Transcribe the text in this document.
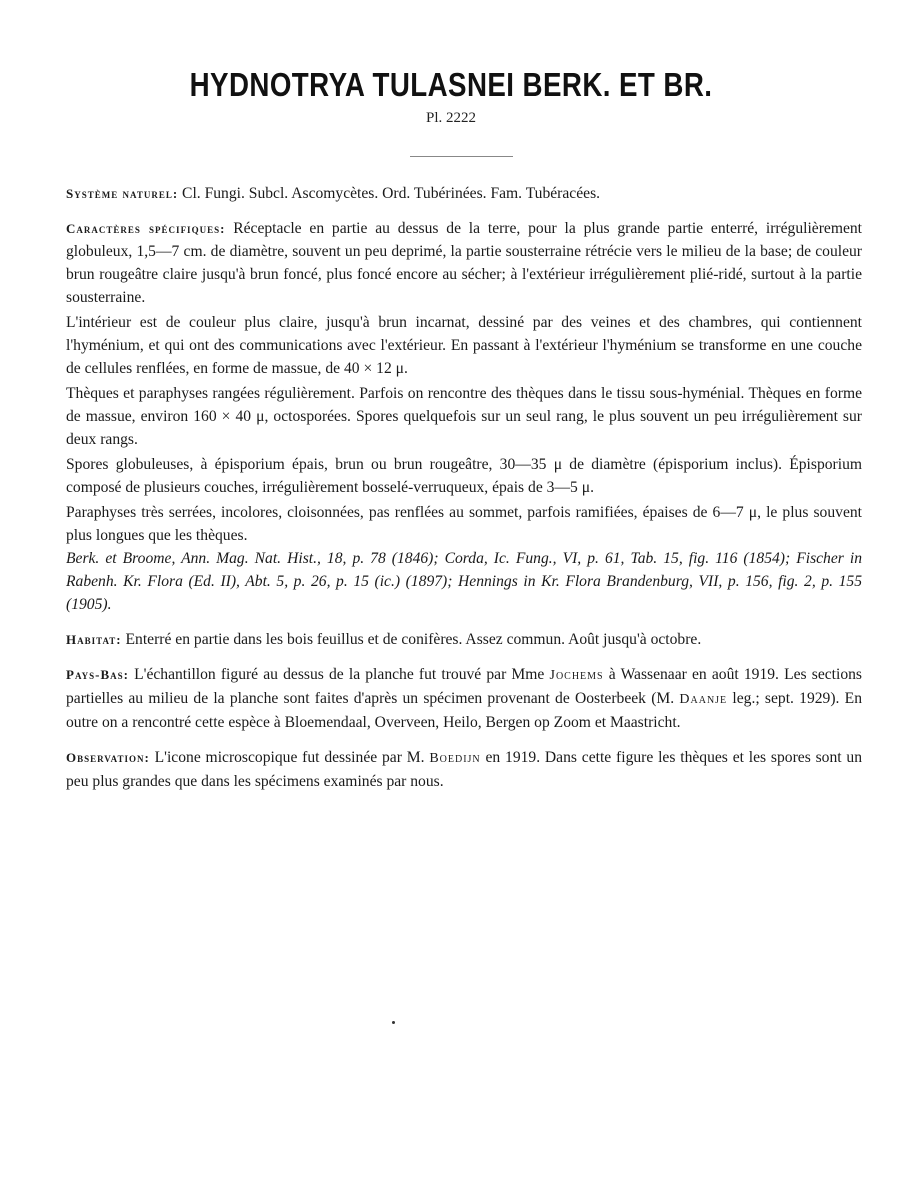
HYDNOTRYA TULASNEI BERK. ET BR.
Pl. 2222

Système naturel: Cl. Fungi. Subcl. Ascomycètes. Ord. Tubérinées. Fam. Tubéracées.

Caractères spécifiques: Réceptacle en partie au dessus de la terre, pour la plus grande partie enterré, irrégulièrement globuleux, 1,5—7 cm. de diamètre, souvent un peu deprimé, la partie sousterraine rétrécie vers le milieu de la base; de couleur brun rougeâtre claire jusqu'à brun foncé, plus foncé encore au sécher; à l'extérieur irrégulièrement plié-ridé, surtout à la partie sousterraine.

L'intérieur est de couleur plus claire, jusqu'à brun incarnat, dessiné par des veines et des chambres, qui contiennent l'hyménium, et qui ont des communications avec l'extérieur. En passant à l'extérieur l'hyménium se transforme en une couche de cellules renflées, en forme de massue, de 40 × 12 μ.

Thèques et paraphyses rangées régulièrement. Parfois on rencontre des thèques dans le tissu sous-hyménial. Thèques en forme de massue, environ 160 × 40 μ, octosporées. Spores quelquefois sur un seul rang, le plus souvent un peu irrégulièrement sur deux rangs.

Spores globuleuses, à épisporium épais, brun ou brun rougeâtre, 30—35 μ de diamètre (épisporium inclus). Épisporium composé de plusieurs couches, irrégulièrement bosselé-verruqueux, épais de 3—5 μ.

Paraphyses très serrées, incolores, cloisonnées, pas renflées au sommet, parfois ramifiées, épaises de 6—7 μ, le plus souvent plus longues que les thèques.

Berk. et Broome, Ann. Mag. Nat. Hist., 18, p. 78 (1846); Corda, Ic. Fung., VI, p. 61, Tab. 15, fig. 116 (1854); Fischer in Rabenh. Kr. Flora (Ed. II), Abt. 5, p. 26, p. 15 (ic.) (1897); Hennings in Kr. Flora Brandenburg, VII, p. 156, fig. 2, p. 155 (1905).

Habitat: Enterré en partie dans les bois feuillus et de conifères. Assez commun. Août jusqu'à octobre.

Pays-Bas: L'échantillon figuré au dessus de la planche fut trouvé par Mme Jochems à Wassenaar en août 1919. Les sections partielles au milieu de la planche sont faites d'après un spécimen provenant de Oosterbeek (M. Daanje leg.; sept. 1929). En outre on a rencontré cette espèce à Bloemendaal, Overveen, Heilo, Bergen op Zoom et Maastricht.

Observation: L'icone microscopique fut dessinée par M. Boedijn en 1919. Dans cette figure les thèques et les spores sont un peu plus grandes que dans les spécimens examinés par nous.
